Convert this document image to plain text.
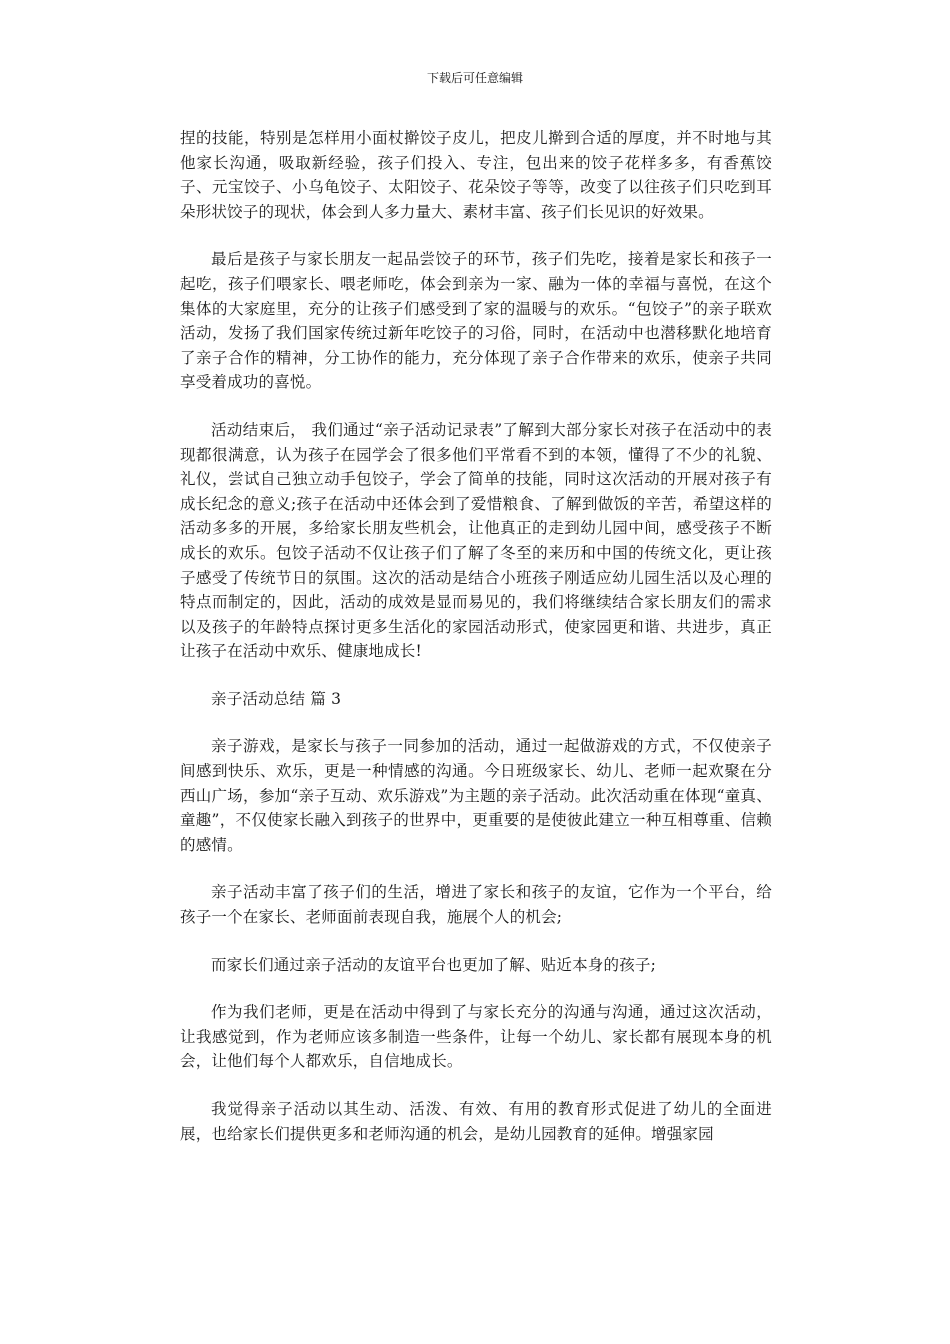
下载后可任意编辑

捏的技能，特别是怎样用小面杖擀饺子皮儿，把皮儿擀到合适的厚度，并不时地与其他家长沟通，吸取新经验，孩子们投入、专注，包出来的饺子花样多多，有香蕉饺子、元宝饺子、小乌龟饺子、太阳饺子、花朵饺子等等，改变了以往孩子们只吃到耳朵形状饺子的现状，体会到人多力量大、素材丰富、孩子们长见识的好效果。

最后是孩子与家长朋友一起品尝饺子的环节，孩子们先吃，接着是家长和孩子一起吃，孩子们喂家长、喂老师吃，体会到亲为一家、融为一体的幸福与喜悦，在这个集体的大家庭里，充分的让孩子们感受到了家的温暖与的欢乐。“包饺子”的亲子联欢活动，发扬了我们国家传统过新年吃饺子的习俗，同时，在活动中也潜移默化地培育了亲子合作的精神，分工协作的能力，充分体现了亲子合作带来的欢乐，使亲子共同享受着成功的喜悦。

活动结束后， 我们通过“亲子活动记录表”了解到大部分家长对孩子在活动中的表现都很满意，认为孩子在园学会了很多他们平常看不到的本领，懂得了不少的礼貌、礼仪，尝试自己独立动手包饺子，学会了简单的技能，同时这次活动的开展对孩子有成长纪念的意义;孩子在活动中还体会到了爱惜粮食、了解到做饭的辛苦，希望这样的活动多多的开展，多给家长朋友些机会，让他真正的走到幼儿园中间，感受孩子不断成长的欢乐。包饺子活动不仅让孩子们了解了冬至的来历和中国的传统文化，更让孩子感受了传统节日的氛围。这次的活动是结合小班孩子刚适应幼儿园生活以及心理的特点而制定的，因此，活动的成效是显而易见的，我们将继续结合家长朋友们的需求以及孩子的年龄特点探讨更多生活化的家园活动形式，使家园更和谐、共进步，真正让孩子在活动中欢乐、健康地成长!

亲子活动总结 篇 3

亲子游戏，是家长与孩子一同参加的活动，通过一起做游戏的方式，不仅使亲子间感到快乐、欢乐，更是一种情感的沟通。今日班级家长、幼儿、老师一起欢聚在分西山广场，参加“亲子互动、欢乐游戏”为主题的亲子活动。此次活动重在体现“童真、童趣”，不仅使家长融入到孩子的世界中，更重要的是使彼此建立一种互相尊重、信赖的感情。

亲子活动丰富了孩子们的生活，增进了家长和孩子的友谊，它作为一个平台，给孩子一个在家长、老师面前表现自我，施展个人的机会;

而家长们通过亲子活动的友谊平台也更加了解、贴近本身的孩子;

作为我们老师，更是在活动中得到了与家长充分的沟通与沟通，通过这次活动，让我感觉到，作为老师应该多制造一些条件，让每一个幼儿、家长都有展现本身的机会，让他们每个人都欢乐，自信地成长。

我觉得亲子活动以其生动、活泼、有效、有用的教育形式促进了幼儿的全面进展，也给家长们提供更多和老师沟通的机会，是幼儿园教育的延伸。增强家园
